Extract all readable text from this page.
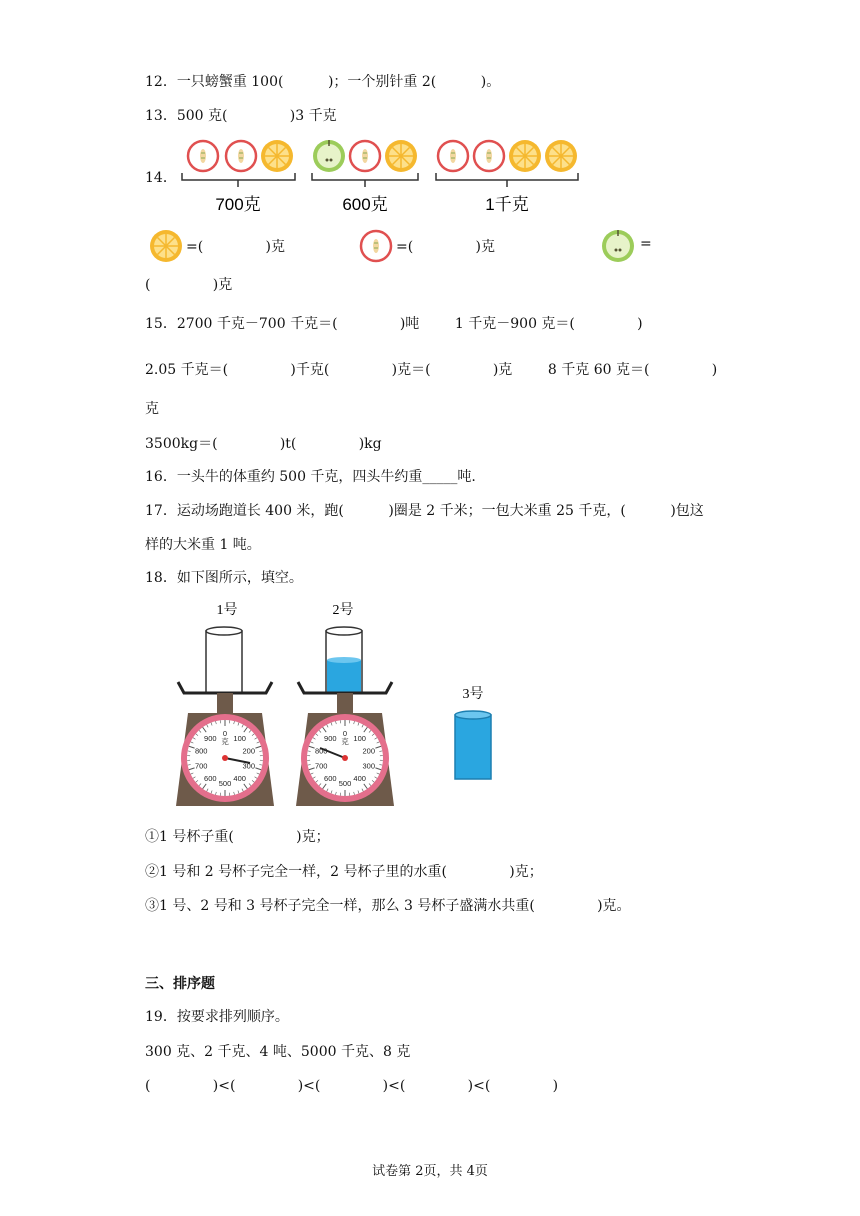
12．一只螃蟹重 100(          )；一个别针重 2(          )。
13．500 克(              )3 千克
14．
700克	600克	1千克
=(              )克	=(              )克	=
(              )克
15．2700 千克－700 千克＝(              )吨        1 千克－900 克＝(              )
2.05 千克＝(              )千克(              )克＝(              )克        8 千克 60 克＝(              )
克
3500kg＝(              )t(              )kg
16．一头牛的体重约 500 千克，四头牛约重_____吨.
17．运动场跑道长 400 米，跑(          )圈是 2 千米；一包大米重 25 千克，(          )包这
样的大米重 1 吨。
18．如下图所示，填空。
1号	2号
3号
0
100
200
300
400
500
600
700
800
900 克
0
100
200
300
400
500
600
700
800
900 克
①1 号杯子重(              )克；
②1 号和 2 号杯子完全一样，2 号杯子里的水重(              )克；
③1 号、2 号和 3 号杯子完全一样，那么 3 号杯子盛满水共重(              )克。
三、排序题
19．按要求排列顺序。
300 克、2 千克、4 吨、5000 千克、8 克
(              )<(              )<(              )<(              )<(              )
试卷第 2页，共 4页
